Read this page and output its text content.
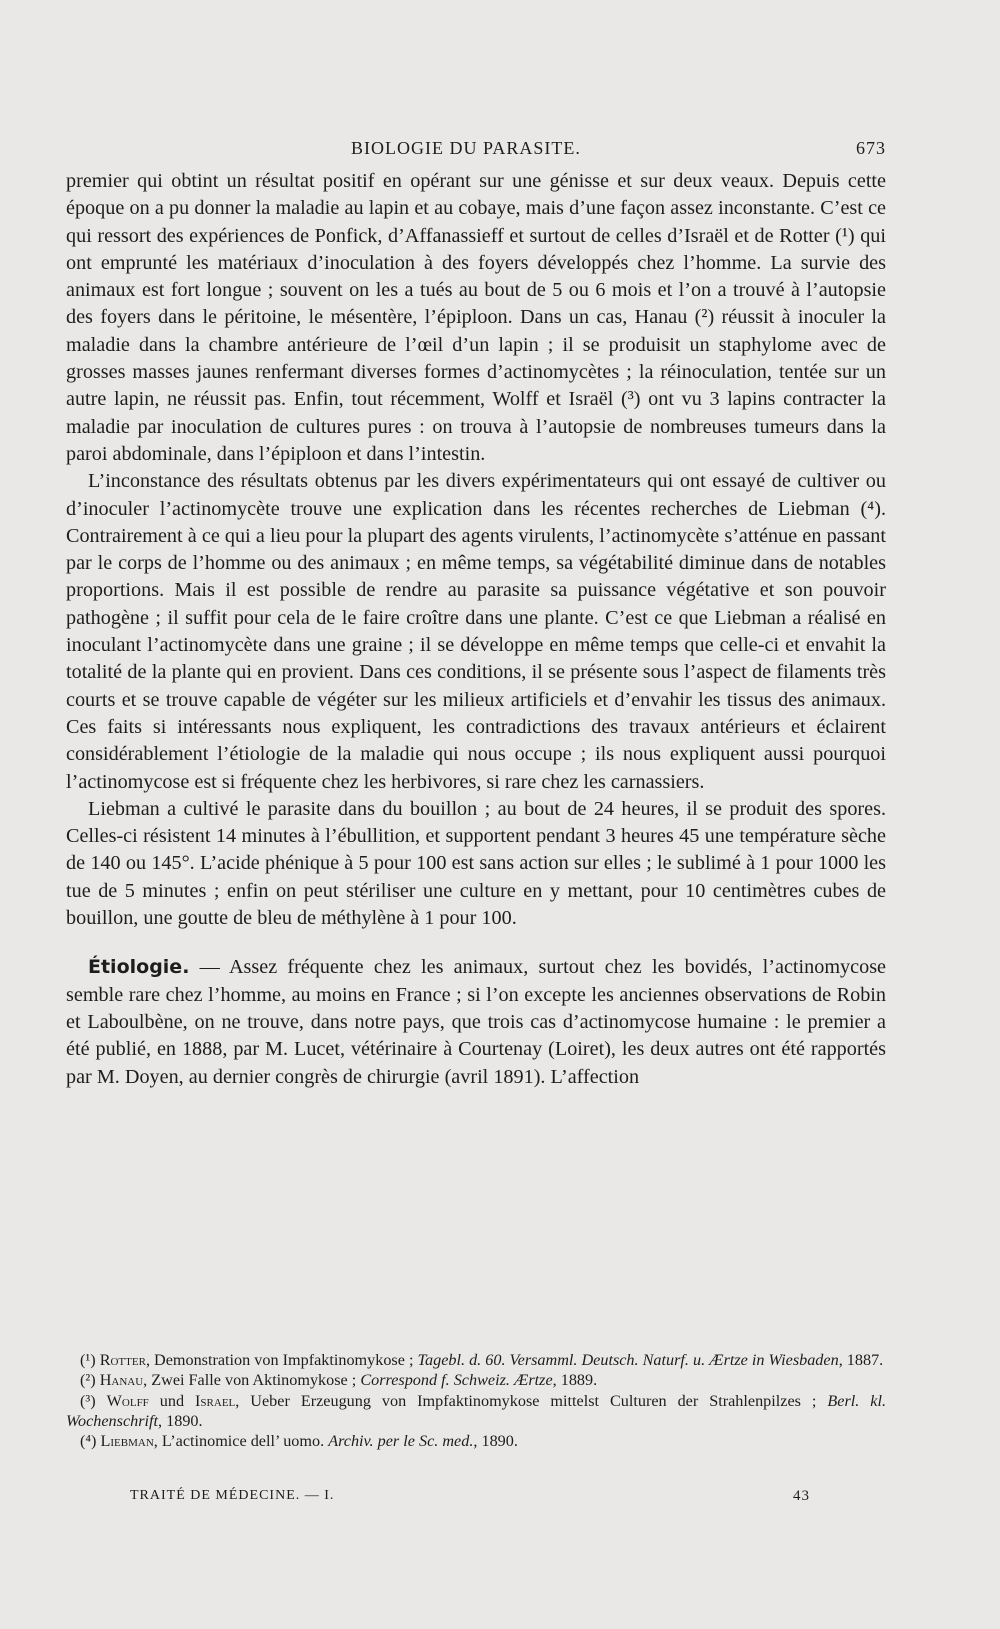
BIOLOGIE DU PARASITE.	673

premier qui obtint un résultat positif en opérant sur une génisse et sur deux veaux. Depuis cette époque on a pu donner la maladie au lapin et au cobaye, mais d’une façon assez inconstante. C’est ce qui ressort des expériences de Ponfick, d’Affanassieff et surtout de celles d’Israël et de Rotter (¹) qui ont emprunté les matériaux d’inoculation à des foyers développés chez l’homme. La survie des animaux est fort longue ; souvent on les a tués au bout de 5 ou 6 mois et l’on a trouvé à l’autopsie des foyers dans le péritoine, le mésentère, l’épiploon. Dans un cas, Hanau (²) réussit à inoculer la maladie dans la chambre antérieure de l’œil d’un lapin ; il se produisit un staphylome avec de grosses masses jaunes renfermant diverses formes d’actinomycètes ; la réinoculation, tentée sur un autre lapin, ne réussit pas. Enfin, tout récemment, Wolff et Israël (³) ont vu 3 lapins contracter la maladie par inoculation de cultures pures : on trouva à l’autopsie de nombreuses tumeurs dans la paroi abdominale, dans l’épiploon et dans l’intestin.

L’inconstance des résultats obtenus par les divers expérimentateurs qui ont essayé de cultiver ou d’inoculer l’actinomycète trouve une explication dans les récentes recherches de Liebman (⁴). Contrairement à ce qui a lieu pour la plupart des agents virulents, l’actinomycète s’atténue en passant par le corps de l’homme ou des animaux ; en même temps, sa végétabilité diminue dans de notables proportions. Mais il est possible de rendre au parasite sa puissance végétative et son pouvoir pathogène ; il suffit pour cela de le faire croître dans une plante. C’est ce que Liebman a réalisé en inoculant l’actinomycète dans une graine ; il se développe en même temps que celle-ci et envahit la totalité de la plante qui en provient. Dans ces conditions, il se présente sous l’aspect de filaments très courts et se trouve capable de végéter sur les milieux artificiels et d’envahir les tissus des animaux. Ces faits si intéressants nous expliquent, les contradictions des travaux antérieurs et éclairent considérablement l’étiologie de la maladie qui nous occupe ; ils nous expliquent aussi pourquoi l’actinomycose est si fréquente chez les herbivores, si rare chez les carnassiers.

Liebman a cultivé le parasite dans du bouillon ; au bout de 24 heures, il se produit des spores. Celles-ci résistent 14 minutes à l’ébullition, et supportent pendant 3 heures 45 une température sèche de 140 ou 145°. L’acide phénique à 5 pour 100 est sans action sur elles ; le sublimé à 1 pour 1000 les tue de 5 minutes ; enfin on peut stériliser une culture en y mettant, pour 10 centimètres cubes de bouillon, une goutte de bleu de méthylène à 1 pour 100.

Étiologie. — Assez fréquente chez les animaux, surtout chez les bovidés, l’actinomycose semble rare chez l’homme, au moins en France ; si l’on excepte les anciennes observations de Robin et Laboulbène, on ne trouve, dans notre pays, que trois cas d’actinomycose humaine : le premier a été publié, en 1888, par M. Lucet, vétérinaire à Courtenay (Loiret), les deux autres ont été rapportés par M. Doyen, au dernier congrès de chirurgie (avril 1891). L’affection

(¹) Rotter, Demonstration von Impfaktinomykose ; Tagebl. d. 60. Versamml. Deutsch. Naturf. u. Ærtze in Wiesbaden, 1887.

(²) Hanau, Zwei Falle von Aktinomykose ; Correspond f. Schweiz. Ærtze, 1889.

(³) Wolff und Israel, Ueber Erzeugung von Impfaktinomykose mittelst Culturen der Strahlenpilzes ; Berl. kl. Wochenschrift, 1890.

(⁴) Liebman, L’actinomice dell’ uomo. Archiv. per le Sc. med., 1890.

TRAITÉ DE MÉDECINE. — I.	43
